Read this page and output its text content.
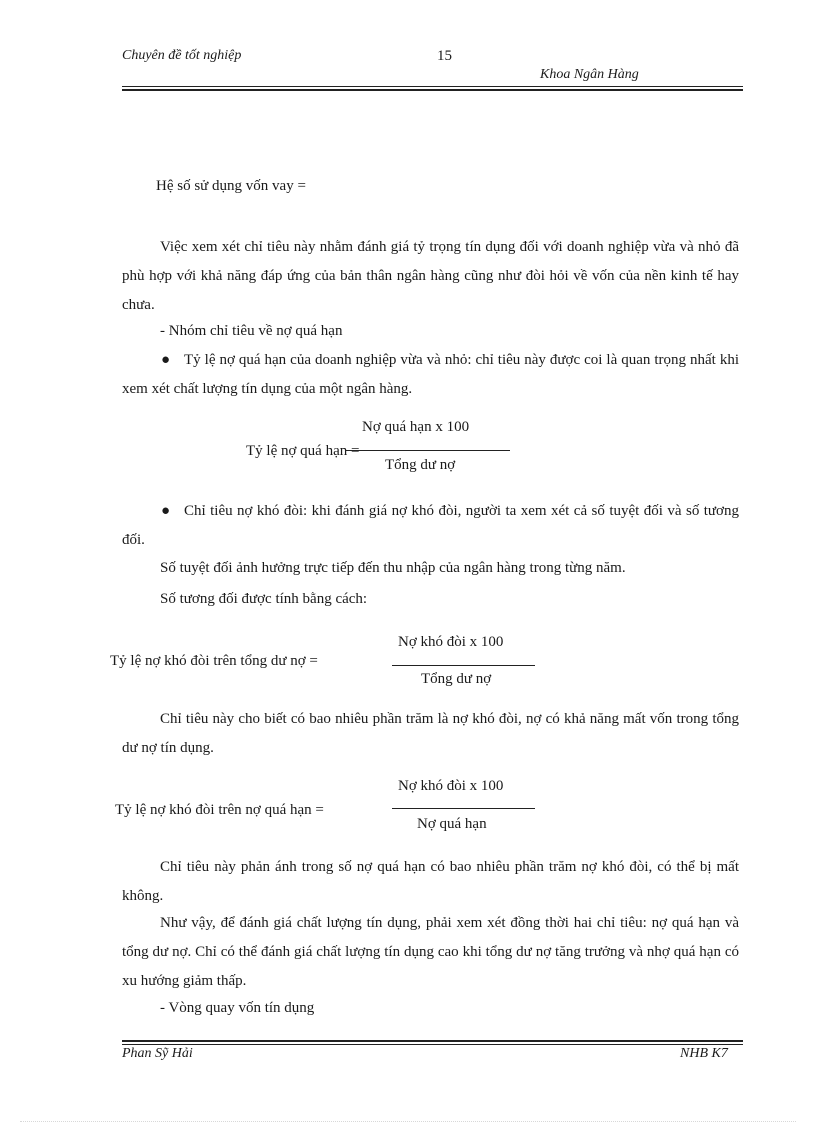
Chuyên đề tốt nghiệp	15
Khoa Ngân Hàng
Hệ số sử dụng vốn vay =
Việc xem xét chỉ tiêu này nhằm đánh giá tỷ trọng tín dụng đối với doanh nghiệp vừa và nhỏ đã phù hợp với khả năng đáp ứng của bản thân ngân hàng cũng như đòi hỏi về vốn của nền kinh tế hay chưa.
- Nhóm chỉ tiêu về nợ quá hạn
● Tỷ lệ nợ quá hạn của doanh nghiệp vừa và nhỏ: chỉ tiêu này được coi là quan trọng nhất khi xem xét chất lượng tín dụng của một ngân hàng.
Tỷ lệ nợ quá hạn =
Nợ quá hạn x 100
Tổng dư nợ
● Chỉ tiêu nợ khó đòi: khi đánh giá nợ khó đòi, người ta xem xét cả số tuyệt đối và số tương đối.
Số tuyệt đối ảnh hưởng trực tiếp đến thu nhập của ngân hàng trong từng năm.
Số tương đối được tính bằng cách:
Tỷ lệ nợ khó đòi trên tổng dư nợ =
Nợ khó đòi x 100
Tổng dư nợ
Chỉ tiêu này cho biết có bao nhiêu phần trăm là nợ khó đòi, nợ có khả năng mất vốn trong tổng dư nợ tín dụng.
Tỷ lệ nợ khó đòi trên nợ quá hạn =
Nợ khó đòi x 100
Nợ quá hạn
Chỉ tiêu này phản ánh trong số nợ quá hạn có bao nhiêu phần trăm nợ khó đòi, có thể bị mất không.
Như vậy, để đánh giá chất lượng tín dụng, phải xem xét đồng thời hai chỉ tiêu: nợ quá hạn và tổng dư nợ. Chỉ có thể đánh giá chất lượng tín dụng cao khi tổng dư nợ tăng trưởng và nhợ quá hạn có xu hướng giảm thấp.
- Vòng quay vốn tín dụng
Phan Sỹ Hải	NHB K7
